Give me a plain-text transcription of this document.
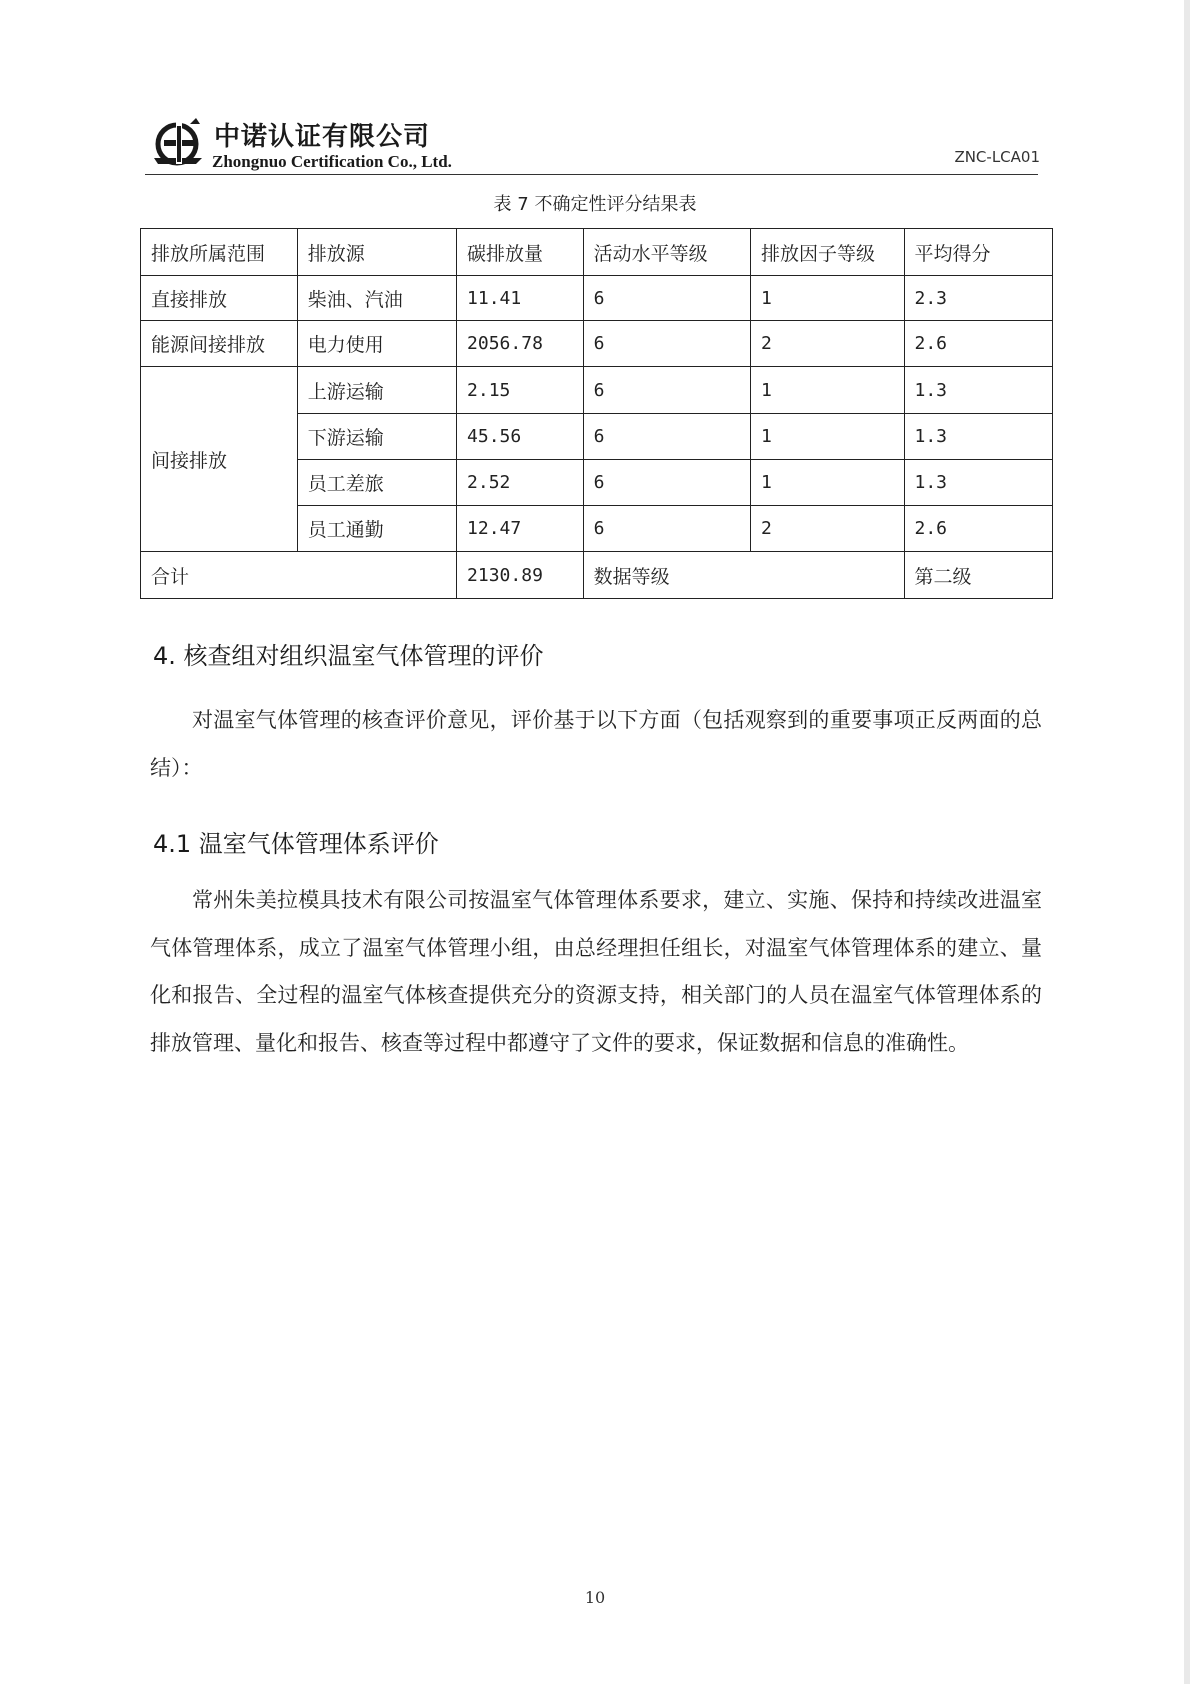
中诺认证有限公司
Zhongnuo Certification Co., Ltd.	ZNC-LCA01
表 7 不确定性评分结果表
排放所属范围	排放源	碳排放量	活动水平等级	排放因子等级	平均得分
直接排放	柴油、汽油	11.41	6	1	2.3
能源间接排放	电力使用	2056.78	6	2	2.6
间接排放	上游运输	2.15	6	1	1.3
	下游运输	45.56	6	1	1.3
	员工差旅	2.52	6	1	1.3
	员工通勤	12.47	6	2	2.6
合计		2130.89	数据等级		第二级
4. 核查组对组织温室气体管理的评价
对温室气体管理的核查评价意见，评价基于以下方面（包括观察到的重要事项正反两面的总结）：
4.1 温室气体管理体系评价
常州朱美拉模具技术有限公司按温室气体管理体系要求，建立、实施、保持和持续改进温室气体管理体系，成立了温室气体管理小组，由总经理担任组长，对温室气体管理体系的建立、量化和报告、全过程的温室气体核查提供充分的资源支持，相关部门的人员在温室气体管理体系的排放管理、量化和报告、核查等过程中都遵守了文件的要求，保证数据和信息的准确性。
10
